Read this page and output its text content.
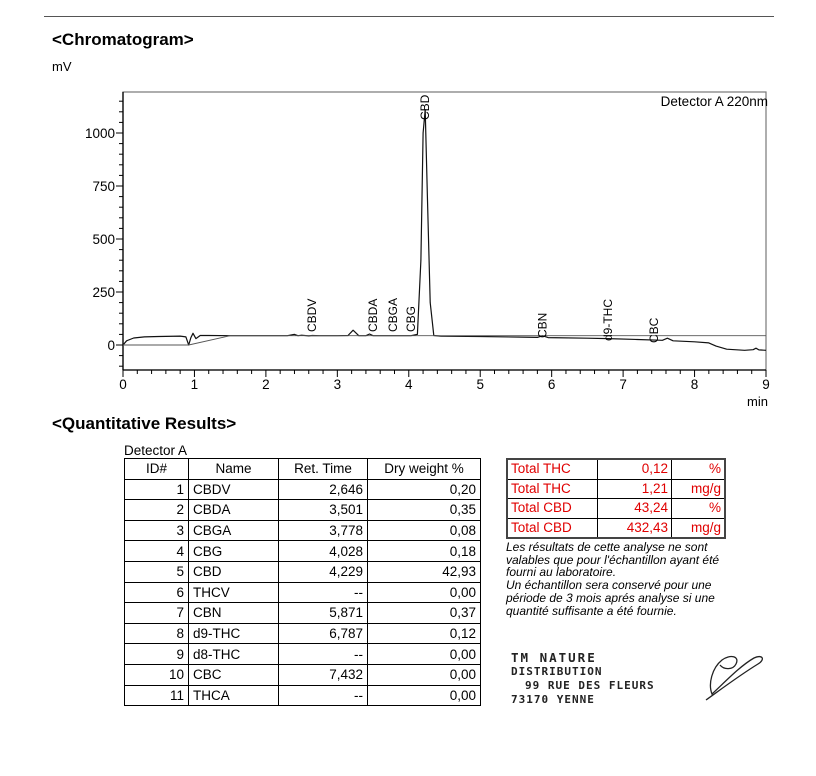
<Chromatogram>
mV
0
250
500
750
1000
0	1	2	3	4	5	6	7	8	9
CBDV	CBDA CBGA CBG
CBD
CBN	d9-THC	CBC
Detector A 220nm
min
<Quantitative Results>
Detector A
ID#	Name	Ret. Time	Dry weight %
1	CBDV	2,646	0,20
2	CBDA	3,501	0,35
3	CBGA	3,778	0,08
4	CBG	4,028	0,18
5	CBD	4,229	42,93
6	THCV	--	0,00
7	CBN	5,871	0,37
8	d9-THC	6,787	0,12
9	d8-THC	--	0,00
10	CBC	7,432	0,00
11	THCA	--	0,00
Total THC	0,12	%
Total THC	1,21	mg/g
Total CBD	43,24	%
Total CBD	432,43	mg/g
Les résultats de cette analyse ne sont
valables que pour l'échantillon ayant été
fourni au laboratoire.
Un échantillon sera conservé pour une
période de 3 mois aprés analyse si une
quantité suffisante a été fournie.
TM NATURE
DISTRIBUTION
99 RUE DES FLEURS
73170 YENNE
